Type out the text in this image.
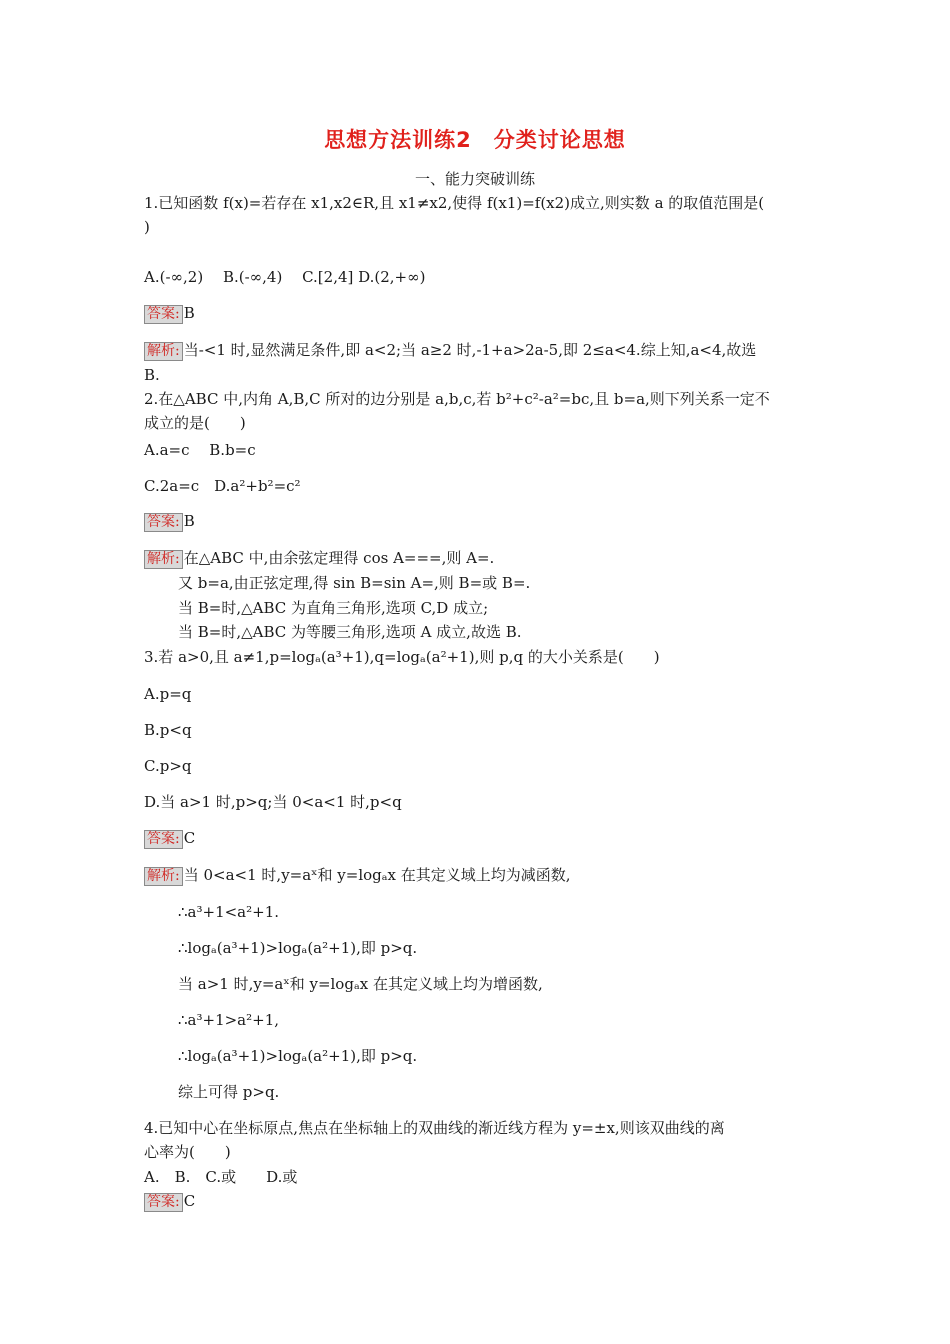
思想方法训练2　分类讨论思想
一、能力突破训练
1.已知函数 f(x)=若存在 x1,x2∈R,且 x1≠x2,使得 f(x1)=f(x2)成立,则实数 a 的取值范围是(
)
A.(-∞,2)　 B.(-∞,4)　 C.[2,4] D.(2,+∞)
答案: B
解析: 当-<1 时,显然满足条件,即 a<2;当 a≥2 时,-1+a>2a-5,即 2≤a<4.综上知,a<4,故选
B.
2.在△ABC 中,内角 A,B,C 所对的边分别是 a,b,c,若 b²+c²-a²=bc,且 b=a,则下列关系一定不
成立的是(　　)
A.a=c　 B.b=c
C.2a=c　D.a²+b²=c²
答案: B
解析: 在△ABC 中,由余弦定理得 cos A===,则 A=.
又 b=a,由正弦定理,得 sin B=sin A=,则 B=或 B=.
当 B=时,△ABC 为直角三角形,选项 C,D 成立;
当 B=时,△ABC 为等腰三角形,选项 A 成立,故选 B.
3.若 a>0,且 a≠1,p=logₐ(a³+1),q=logₐ(a²+1),则 p,q 的大小关系是(　　)
A.p=q
B.p<q
C.p>q
D.当 a>1 时,p>q;当 0<a<1 时,p<q
答案: C
解析: 当 0<a<1 时,y=aˣ和 y=logₐx 在其定义域上均为减函数,
∴a³+1<a²+1.
∴logₐ(a³+1)>logₐ(a²+1),即 p>q.
当 a>1 时,y=aˣ和 y=logₐx 在其定义域上均为增函数,
∴a³+1>a²+1,
∴logₐ(a³+1)>logₐ(a²+1),即 p>q.
综上可得 p>q.
4.已知中心在坐标原点,焦点在坐标轴上的双曲线的渐近线方程为 y=±x,则该双曲线的离
心率为(　　)
A.　B.　C.或　　D.或
答案: C
